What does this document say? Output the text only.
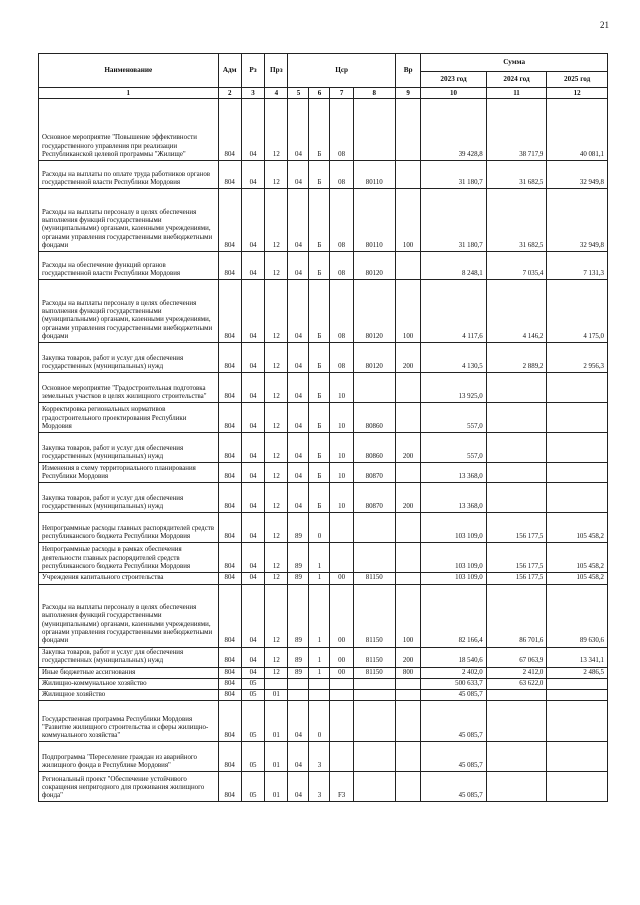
21
Наименование	Адм	Рз	Прз	Цср				Вр	Сумма		
									2023 год	2024 год	2025 год
1	2	3	4	5	6	7	8	9	10	11	12
Основное мероприятие "Повышение эффективности государственного управления при реализации Республиканской целевой программы "Жилище"	804	04	12	04	Б	08			39 428,8	38 717,9	40 081,1
Расходы на выплаты по оплате труда работников органов государственной власти Республики Мордовия	804	04	12	04	Б	08	80110		31 180,7	31 682,5	32 949,8
Расходы на выплаты персоналу в целях обеспечения выполнения функций государственными (муниципальными) органами, казенными учреждениями, органами управления государственными внебюджетными фондами	804	04	12	04	Б	08	80110	100	31 180,7	31 682,5	32 949,8
Расходы на обеспечение функций органов государственной власти Республики Мордовия	804	04	12	04	Б	08	80120		8 248,1	7 035,4	7 131,3
Расходы на выплаты персоналу в целях обеспечения выполнения функций государственными (муниципальными) органами, казенными учреждениями, органами управления государственными внебюджетными фондами	804	04	12	04	Б	08	80120	100	4 117,6	4 146,2	4 175,0
Закупка товаров, работ и услуг для обеспечения государственных (муниципальных) нужд	804	04	12	04	Б	08	80120	200	4 130,5	2 889,2	2 956,3
Основное мероприятие "Градостроительная подготовка земельных участков в целях жилищного строительства"	804	04	12	04	Б	10			13 925,0		
Корректировка региональных нормативов градостроительного проектирования Республики Мордовия	804	04	12	04	Б	10	80860		557,0		
Закупка товаров, работ и услуг для обеспечения государственных (муниципальных) нужд	804	04	12	04	Б	10	80860	200	557,0		
Изменения в схему территориального планирования Республики Мордовия	804	04	12	04	Б	10	80870		13 368,0		
Закупка товаров, работ и услуг для обеспечения государственных (муниципальных) нужд	804	04	12	04	Б	10	80870	200	13 368,0		
Непрограммные расходы главных распорядителей средств республиканского бюджета Республики Мордовия	804	04	12	89	0				103 109,0	156 177,5	105 458,2
Непрограммные расходы в рамках обеспечения деятельности главных распорядителей средств республиканского бюджета Республики Мордовия	804	04	12	89	1				103 109,0	156 177,5	105 458,2
Учреждения капитального строительства	804	04	12	89	1	00	81150		103 109,0	156 177,5	105 458,2
Расходы на выплаты персоналу в целях обеспечения выполнения функций государственными (муниципальными) органами, казенными учреждениями, органами управления государственными внебюджетными фондами	804	04	12	89	1	00	81150	100	82 166,4	86 701,6	89 630,6
Закупка товаров, работ и услуг для обеспечения государственных (муниципальных) нужд	804	04	12	89	1	00	81150	200	18 540,6	67 063,9	13 341,1
Иные бюджетные ассигнования	804	04	12	89	1	00	81150	800	2 402,0	2 412,0	2 486,5
Жилищно-коммунальное хозяйство	804	05							500 633,7	63 622,0	
Жилищное хозяйство	804	05	01						45 085,7		
Государственная программа Республики Мордовия "Развитие жилищного строительства и сферы жилищно-коммунального хозяйства"	804	05	01	04	0				45 085,7		
Подпрограмма "Переселение граждан из аварийного жилищного фонда в Республике Мордовия"	804	05	01	04	3				45 085,7		
Региональный проект "Обеспечение устойчивого сокращения непригодного для проживания жилищного фонда"	804	05	01	04	3	F3			45 085,7		
